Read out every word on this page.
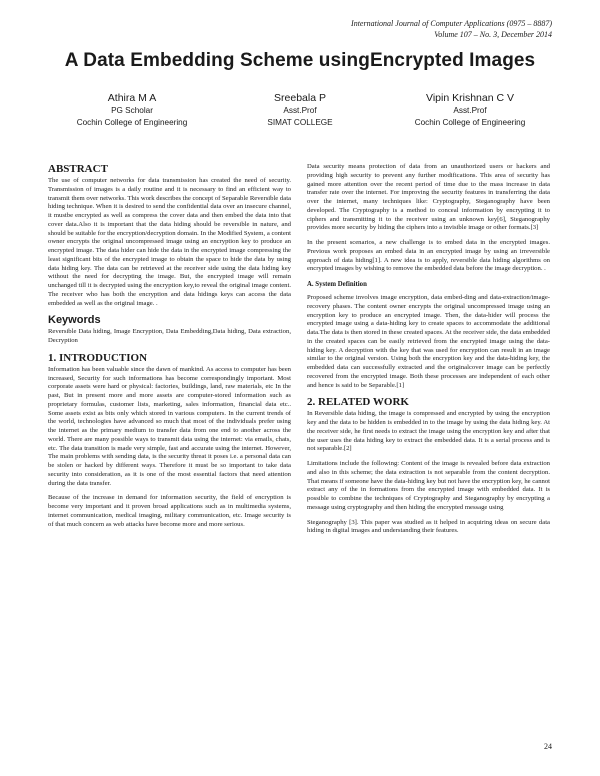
International Journal of Computer Applications (0975 – 8887)
Volume 107 – No. 3, December 2014
A Data Embedding Scheme usingEncrypted Images
Athira M A
PG Scholar
Cochin College of Engineering
Sreebala P
Asst.Prof
SIMAT COLLEGE
Vipin Krishnan C V
Asst.Prof
Cochin College of Engineering
ABSTRACT

The use of computer networks for data transmission has created the need of security. Transmission of images is a daily routine and it is necessary to find an efficient way to transmit them over networks. This work describes the concept of Separable Reversible data hiding technique. When it is desired to send the confidential data over an insecure channel, it mustbe encrypted as well as compress the cover data and then embed the data into that cover data.Also it is important that the data hiding should be reversible in nature, and should be suitable for the encryption/decryption domain. In the Modified System, a content owner encrypts the original uncompressed image using an encryption key to produce an encrypted image. The data hider can hide the data in the encrypted image compressing the least significant bits of the encrypted image to obtain the space to hide the data by using data hiding key. The data can be retrieved at the receiver side using the data hiding key without the need for decrypting the image. But, the encrypted image will remain unchanged till it is decrypted using the encryption key,to reveal the original image content. The receiver who has both the encryption and data hidings keys can access the data embedded as well as the original image. .

Keywords

Reversible Data hiding, Image Encryption, Data Embedding,Data hiding, Data extraction, Decryption

1. INTRODUCTION

Information has been valuable since the dawn of mankind. As access to computer has been increased, Security for such informations has become correspondingly important. Most corporate assets were hard or physical: factories, buildings, land, raw materials, etc In the past, But in present more and more assets are computer-stored information such as proprietary formulas, customer lists, marketing, sales information, financial data etc.. Some assets exist as bits only which stored in various computers. In the current trends of the world, technologies have advanced so much that most of the individuals prefer using the internet as the primary medium to transfer data from one end to another across the world. There are many possible ways to transmit data using the internet: via emails, chats, etc. The data transition is made very simple, fast and accurate using the internet. However, The main problems with sending data, is the security threat it poses i.e. a personal data can be stolen or hacked by different ways. Therefore it must be so important to take data security into consideration, as it is one of the most essential factors that need attention during the data transfer.

Because of the increase in demand for information security, the field of encryption is become very important and it proven broad applications such as in multimedia systems, internet communication, medical imaging, military communication, etc. Image security is of that much concern as web attacks have become more and more serious.

Data security means protection of data from an unauthorized users or hackers and providing high security to prevent any further modifications. This area of security has gained more attention over the recent period of time due to the mass increase in data transfer rate over the internet. For improving the security features in transferring the data over the internet, many techniques like: Cryptography, Steganography have been developed. The Cryptography is a method to conceal information by encrypting it to ciphers and transmitting it to the receiver using an unknown key[6], Steganography provides more security by hiding the ciphers into a invisible image or other formats.[3]

In the present scenarios, a new challenge is to embed data in the encrypted images. Previous work proposes an embed data in an encrypted image by using an irreversible approach of data hiding[1]. A new idea is to apply, reversible data hiding algorithms on encrypted images by wishing to remove the embedded data before the image decryption. .

A. System Definition

Proposed scheme involves image encryption, data embed-ding and data-extraction/image-recovery phases. The content owner encrypts the original uncompressed image using an encryption key to produce an encrypted image. Then, the data-hider will process the encrypted image using a data-hiding key to create spaces to accommodate the additional data.The data is then stored in these created spaces. At the receiver side, the data embedded in the created spaces can be easily retrieved from the encrypted image using the data-hiding key. A decryption with the key that was used for encryption can result in an image similar to the original version. Using both the encryption key and the data-hiding key, the embedded data can successfully extracted and the originalcover image can be perfectly recovered from the encrypted image. Both these processes are independent of each other and hence is said to be Separable.[1]

2. RELATED WORK

In Reversible data hiding, the image is compressed and encrypted by using the encryption key and the data to be hidden is embedded in to the image by using the data hiding key. At the receiver side, he first needs to extract the image using the encryption key and after that the user uses the data hiding key to extract the embedded data. It is a serial process and is not separable.[2]

Limitations include the following: Content of the image is revealed before data extraction and also in this scheme; the data extraction is not separable from the content decryption. That means if someone have the data-hiding key but not have the encryption key, he cannot extract any of the in formations from the encrypted image with embedded data. It is possible to combine the techniques of Cryptography and Steganography by encrypting a message using cryptography and then hiding the encrypted message using

Steganography [3]. This paper was studied as it helped in acquiring ideas on secure data hiding in digital images and understanding their features.

24
